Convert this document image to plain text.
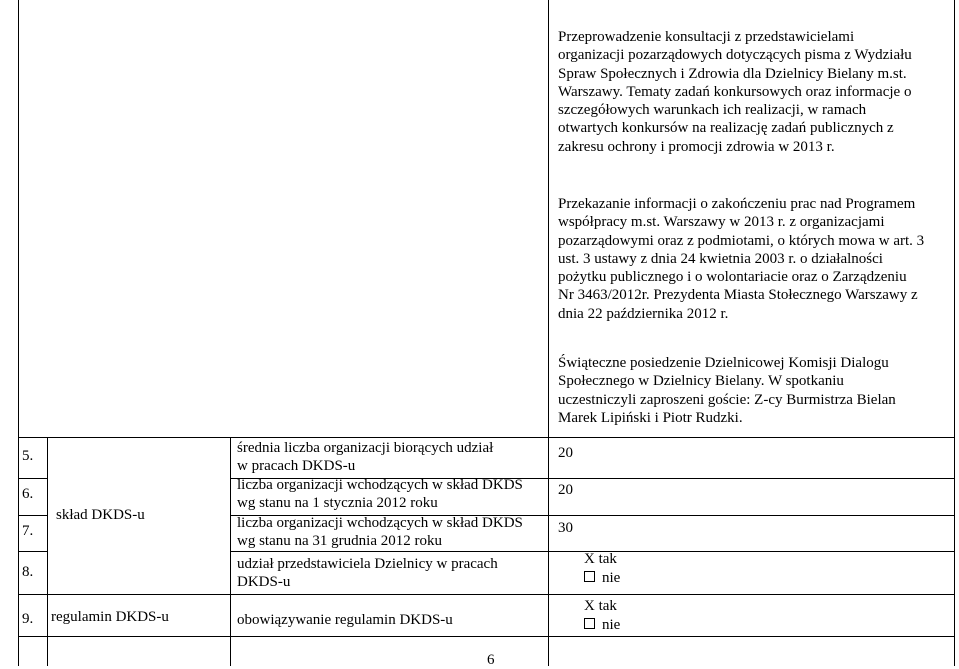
Przeprowadzenie konsultacji z przedstawicielami
organizacji pozarządowych dotyczących pisma z Wydziału
Spraw Społecznych i Zdrowia dla Dzielnicy Bielany m.st.
Warszawy. Tematy zadań konkursowych oraz informacje o
szczegółowych warunkach ich realizacji, w ramach
otwartych konkursów na realizację zadań publicznych z
zakresu ochrony i promocji zdrowia w 2013 r.
Przekazanie informacji o zakończeniu prac nad Programem
współpracy m.st. Warszawy w 2013 r. z organizacjami
pozarządowymi oraz z podmiotami, o których mowa w art. 3
ust. 3 ustawy z dnia 24 kwietnia 2003 r. o działalności
pożytku publicznego i o wolontariacie oraz o Zarządzeniu
Nr 3463/2012r. Prezydenta Miasta Stołecznego Warszawy z
dnia 22 października 2012 r.
Świąteczne posiedzenie Dzielnicowej Komisji Dialogu
Społecznego w Dzielnicy Bielany. W spotkaniu
uczestniczyli zaproszeni goście: Z-cy Burmistrza Bielan
Marek Lipiński i Piotr Rudzki.
5.
6.
7.
8.
9.
skład DKDS-u
regulamin DKDS-u
średnia liczba organizacji biorących udział
w pracach DKDS-u
liczba organizacji wchodzących w skład DKDS
wg stanu na 1 stycznia 2012 roku
liczba organizacji wchodzących w skład DKDS
wg stanu na 31 grudnia 2012 roku
udział przedstawiciela Dzielnicy w pracach
DKDS-u
obowiązywanie regulamin DKDS-u
20
20
30
X tak
nie
X tak
nie
6
